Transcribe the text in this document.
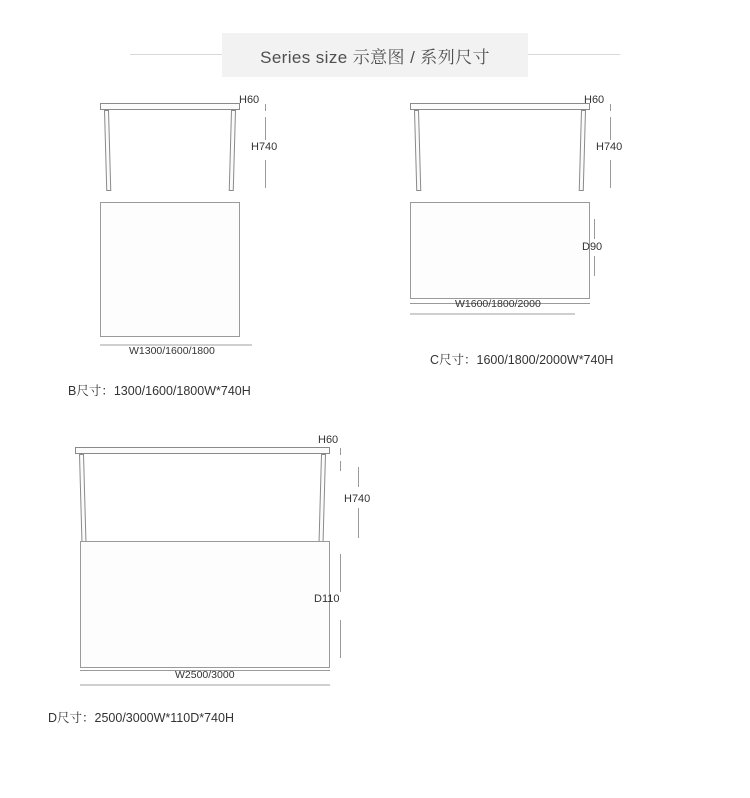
Series size 示意图 / 系列尺寸
H60
H740
W1300/1600/1800
B尺寸：1300/1600/1800W*740H
H60
H740
D90
W1600/1800/2000
C尺寸：1600/1800/2000W*740H
H60
H740
D110
W2500/3000
D尺寸：2500/3000W*110D*740H
